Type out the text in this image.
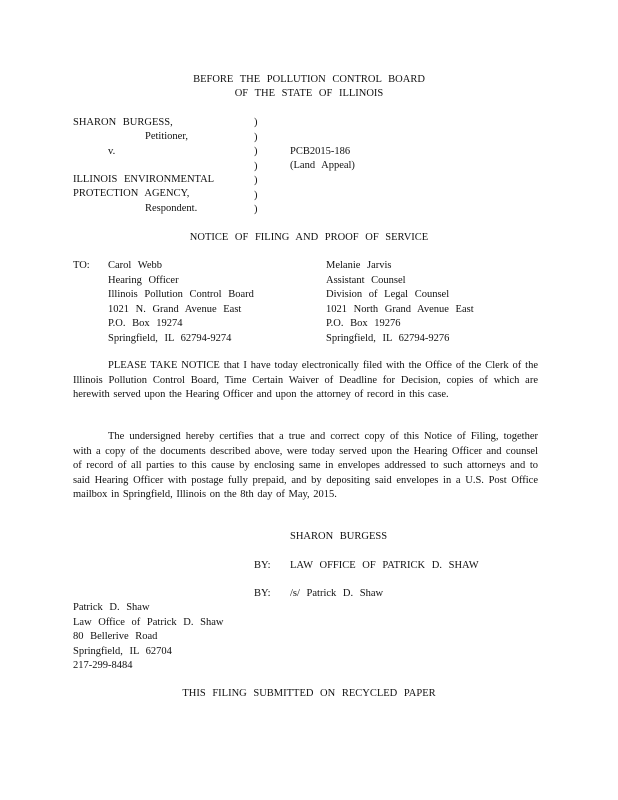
BEFORE THE POLLUTION CONTROL BOARD
OF THE STATE OF ILLINOIS
SHARON BURGESS,
Petitioner,
v.
ILLINOIS ENVIRONMENTAL
PROTECTION AGENCY,
Respondent.
)
)
)
)
)
)
)
PCB2015-186
(Land Appeal)
NOTICE OF FILING AND PROOF OF SERVICE
TO: Carol Webb
Hearing Officer
Illinois Pollution Control Board
1021 N. Grand Avenue East
P.O. Box 19274
Springfield, IL 62794-9274
Melanie Jarvis
Assistant Counsel
Division of Legal Counsel
1021 North Grand Avenue East
P.O. Box 19276
Springfield, IL 62794-9276
PLEASE TAKE NOTICE that I have today electronically filed with the Office of the Clerk of the Illinois Pollution Control Board, Time Certain Waiver of Deadline for Decision, copies of which are herewith served upon the Hearing Officer and upon the attorney of record in this case.
The undersigned hereby certifies that a true and correct copy of this Notice of Filing, together with a copy of the documents described above, were today served upon the Hearing Officer and counsel of record of all parties to this cause by enclosing same in envelopes addressed to such attorneys and to said Hearing Officer with postage fully prepaid, and by depositing said envelopes in a U.S. Post Office mailbox in Springfield, Illinois on the 8th day of May, 2015.
SHARON BURGESS
BY: LAW OFFICE OF PATRICK D. SHAW
BY: /s/ Patrick D. Shaw
Patrick D. Shaw
Law Office of Patrick D. Shaw
80 Bellerive Road
Springfield, IL 62704
217-299-8484
THIS FILING SUBMITTED ON RECYCLED PAPER
